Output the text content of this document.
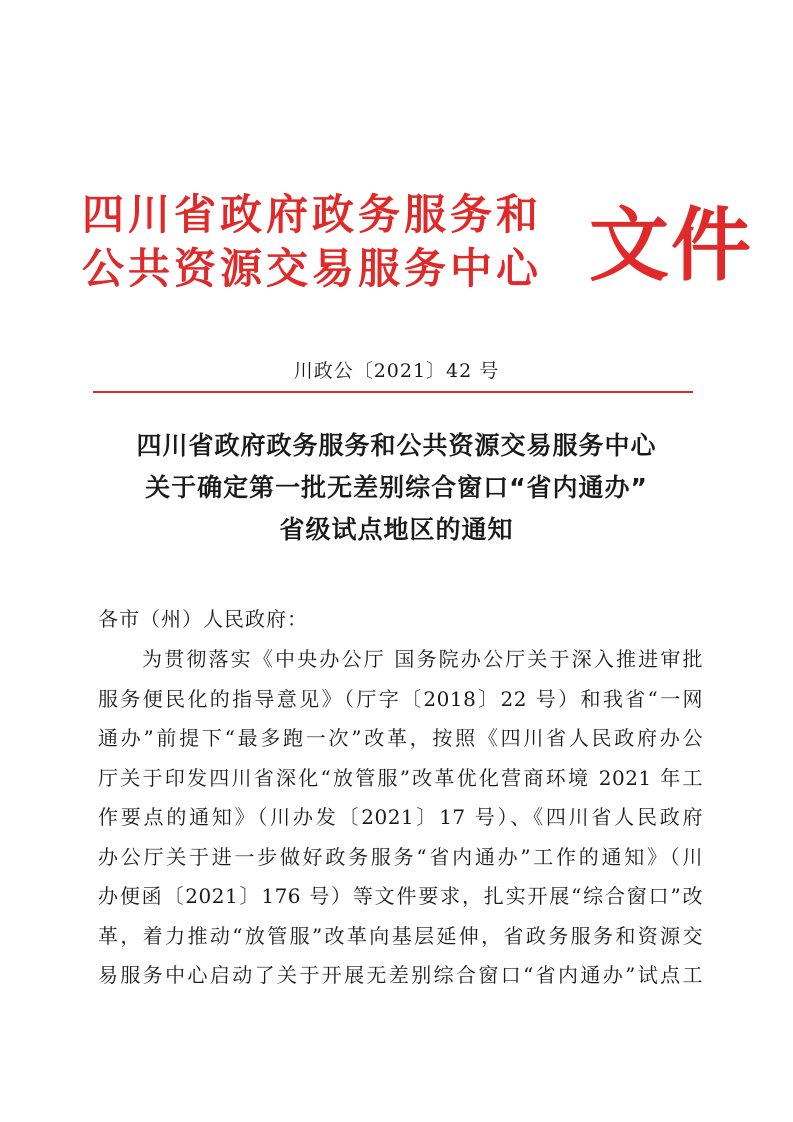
四川省政府政务服务和
公共资源交易服务中心 文件
川政公〔2021〕42 号
四川省政府政务服务和公共资源交易服务中心
关于确定第一批无差别综合窗口“省内通办”
省级试点地区的通知
各市（州）人民政府：
为贯彻落实《中央办公厅 国务院办公厅关于深入推进审批
服务便民化的指导意见》（厅字〔2018〕22 号）和我省“一网
通办”前提下“最多跑一次”改革，按照《四川省人民政府办公
厅关于印发四川省深化“放管服”改革优化营商环境 2021 年工
作要点的通知》（川办发〔2021〕17 号）、《四川省人民政府
办公厅关于进一步做好政务服务“省内通办”工作的通知》（川
办便函〔2021〕176 号）等文件要求，扎实开展“综合窗口”改
革，着力推动“放管服”改革向基层延伸，省政务服务和资源交
易服务中心启动了关于开展无差别综合窗口“省内通办”试点工
